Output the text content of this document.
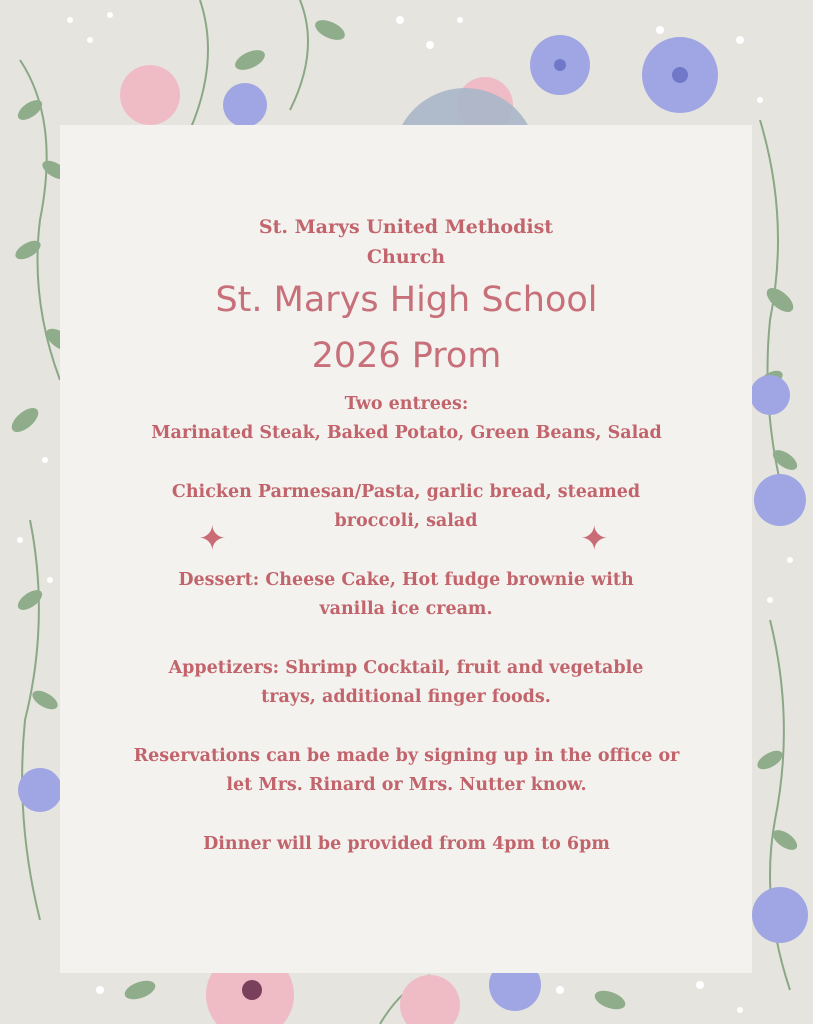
✦	✦

St. Marys United Methodist Church

St. Marys High School

2026 Prom

Two entrees:

Marinated Steak, Baked Potato, Green Beans, Salad

Chicken Parmesan/Pasta, garlic bread, steamed broccoli, salad

Dessert: Cheese Cake, Hot fudge brownie with vanilla ice cream.

Appetizers: Shrimp Cocktail, fruit and vegetable trays, additional finger foods.

Reservations can be made by signing up in the office or let Mrs. Rinard or Mrs. Nutter know.

Dinner will be provided from 4pm to 6pm
